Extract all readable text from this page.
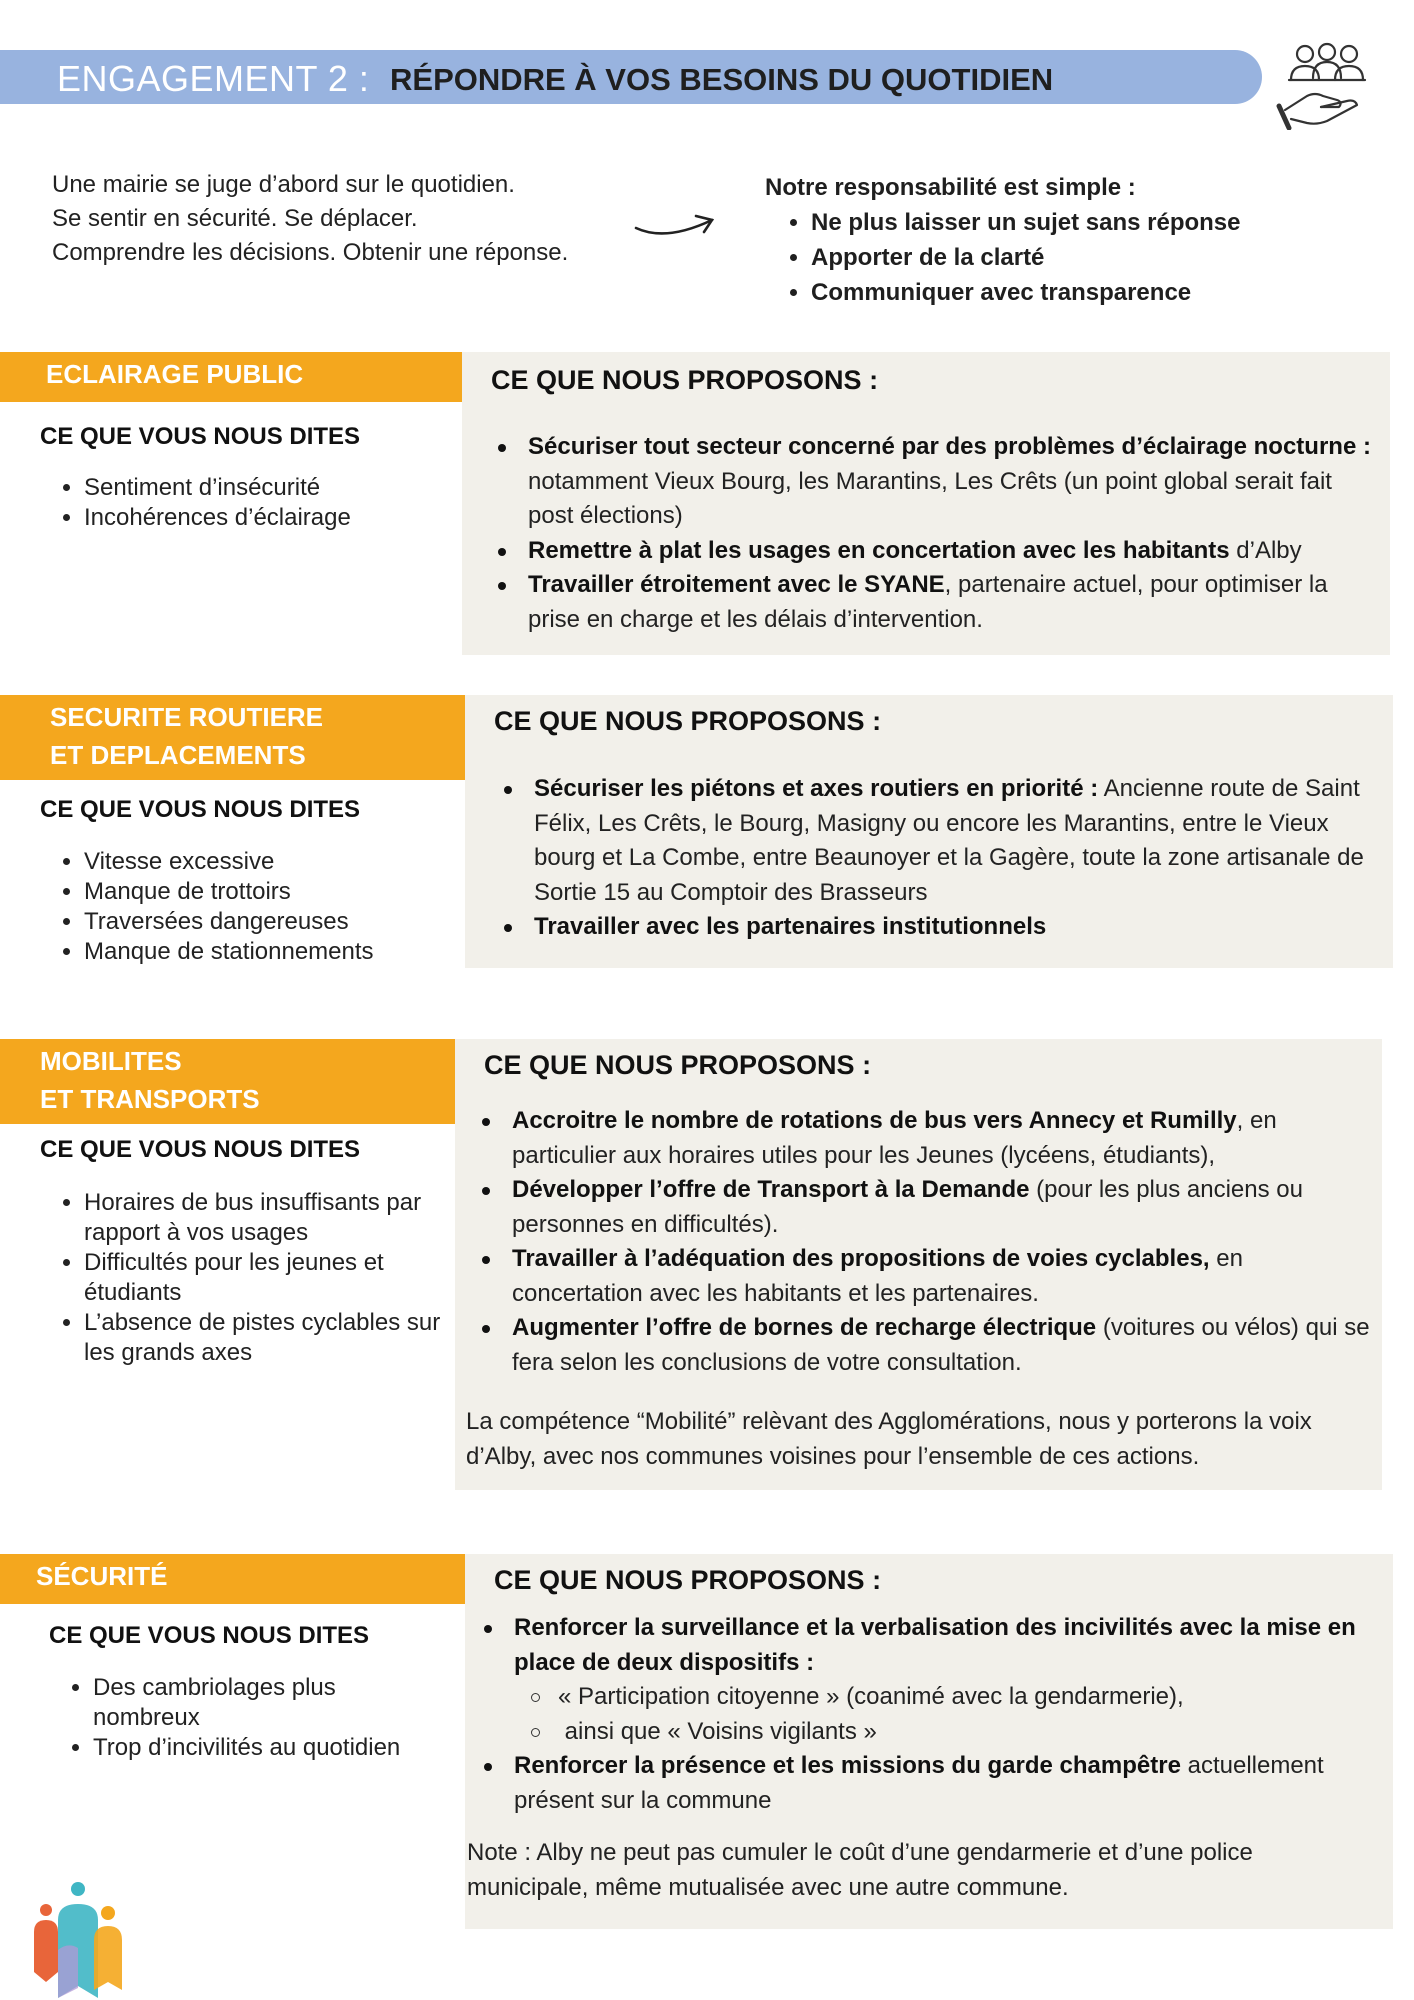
ENGAGEMENT 2 : RÉPONDRE À VOS BESOINS DU QUOTIDIEN
Une mairie se juge d’abord sur le quotidien.
Se sentir en sécurité. Se déplacer.
Comprendre les décisions. Obtenir une réponse.
Notre responsabilité est simple :
• Ne plus laisser un sujet sans réponse
• Apporter de la clarté
• Communiquer avec transparence
ECLAIRAGE PUBLIC
CE QUE VOUS NOUS DITES
• Sentiment d’insécurité
• Incohérences d’éclairage
CE QUE NOUS PROPOSONS :
Sécuriser tout secteur concerné par des problèmes d’éclairage nocturne :  notamment Vieux Bourg, les Marantins, Les Crêts (un point global serait fait post élections)
Remettre à plat les usages en concertation avec les habitants d’Alby
Travailler étroitement avec le SYANE, partenaire actuel, pour optimiser la prise en charge et les délais d’intervention.
SECURITE ROUTIERE
ET DEPLACEMENTS
CE QUE VOUS NOUS DITES
• Vitesse excessive
• Manque de trottoirs
• Traversées dangereuses
• Manque de stationnements
CE QUE NOUS PROPOSONS :
Sécuriser les piétons et axes routiers en priorité : Ancienne route de Saint Félix, Les Crêts, le Bourg, Masigny ou encore les Marantins, entre le Vieux bourg et La Combe, entre Beaunoyer et la Gagère, toute la zone artisanale de Sortie 15 au Comptoir des Brasseurs
Travailler avec les partenaires institutionnels
MOBILITES
ET TRANSPORTS
CE QUE VOUS NOUS DITES
• Horaires de bus insuffisants par rapport à vos usages
• Difficultés pour les jeunes et étudiants
• L’absence de pistes cyclables sur les grands axes
CE QUE NOUS PROPOSONS :
Accroitre le nombre de rotations de bus vers Annecy et Rumilly, en particulier aux horaires utiles pour les Jeunes (lycéens, étudiants),
Développer l’offre de Transport à la Demande (pour les plus anciens ou personnes en difficultés).
Travailler à l’adéquation des propositions de voies cyclables, en concertation avec les habitants et les partenaires.
Augmenter l’offre de bornes de recharge électrique (voitures ou vélos) qui se fera selon les conclusions de votre consultation.
La compétence “Mobilité” relèvant des Agglomérations, nous y porterons la voix d’Alby, avec nos communes voisines pour l’ensemble de ces actions.
SÉCURITÉ
CE QUE VOUS NOUS DITES
• Des cambriolages plus nombreux
• Trop d’incivilités au quotidien
CE QUE NOUS PROPOSONS :
Renforcer la surveillance et la verbalisation des incivilités avec la mise en place de deux dispositifs :
« Participation citoyenne » (coanimé avec la gendarmerie),
ainsi que « Voisins vigilants »
Renforcer la présence et les missions du garde champêtre actuellement présent sur la commune
Note : Alby ne peut pas cumuler le coût d’une gendarmerie et d’une police municipale, même mutualisée avec une autre commune.
